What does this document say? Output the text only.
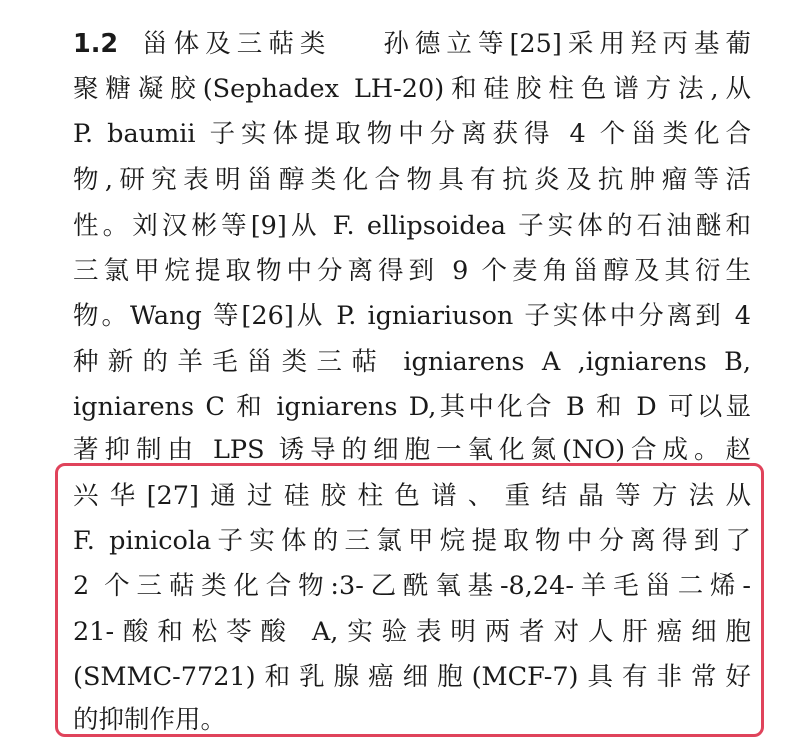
1.2 甾体及三萜类 孙德立等[25]采用羟丙基葡
聚糖凝胶(Sephadex LH-20)和硅胶柱色谱方法,从
P. baumii 子实体提取物中分离获得 4 个甾类化合
物,研究表明甾醇类化合物具有抗炎及抗肿瘤等活
性。刘汉彬等[9]从 F. ellipsoidea 子实体的石油醚和
三氯甲烷提取物中分离得到 9 个麦角甾醇及其衍生
物。Wang 等[26]从 P. igniariuson 子实体中分离到 4
种新的羊毛甾类三萜 igniarens A ,igniarens B,
igniarens C 和 igniarens D,其中化合 B 和 D 可以显
著抑制由 LPS 诱导的细胞一氧化氮(NO)合成。赵
兴华[27]通过硅胶柱色谱、重结晶等方法从
F. pinicola子实体的三氯甲烷提取物中分离得到了
2 个三萜类化合物:3-乙酰氧基-8,24-羊毛甾二烯-
21-酸和松苓酸 A,实验表明两者对人肝癌细胞
(SMMC-7721)和乳腺癌细胞(MCF-7)具有非常好
的抑制作用。
